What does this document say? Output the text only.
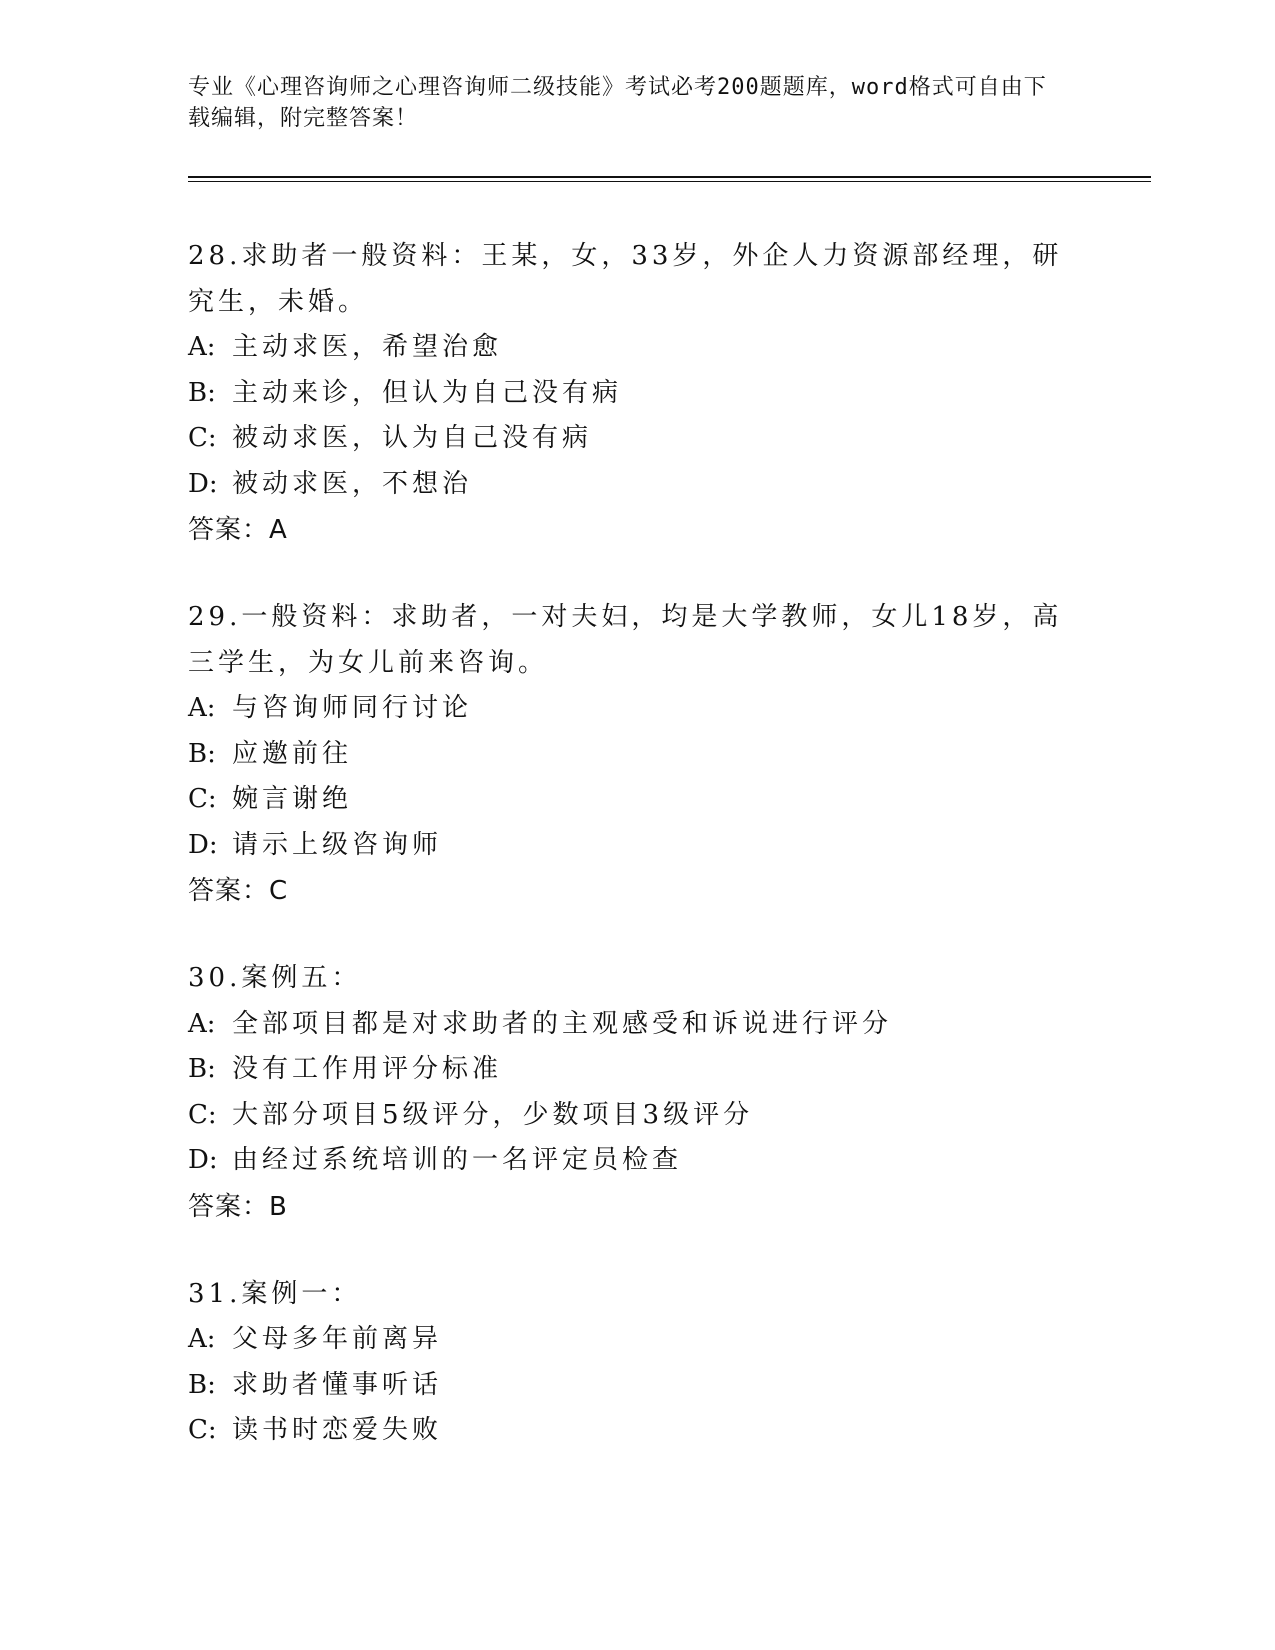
专业《心理咨询师之心理咨询师二级技能》考试必考200题题库，word格式可自由下载编辑，附完整答案！
28.求助者一般资料：王某，女，33岁，外企人力资源部经理，研究生，未婚。
A: 主动求医，希望治愈
B: 主动来诊，但认为自己没有病
C: 被动求医，认为自己没有病
D: 被动求医，不想治
答案：A
29.一般资料：求助者，一对夫妇，均是大学教师，女儿18岁，高三学生，为女儿前来咨询。
A: 与咨询师同行讨论
B: 应邀前往
C: 婉言谢绝
D: 请示上级咨询师
答案：C
30.案例五：
A: 全部项目都是对求助者的主观感受和诉说进行评分
B: 没有工作用评分标准
C: 大部分项目5级评分，少数项目3级评分
D: 由经过系统培训的一名评定员检查
答案：B
31.案例一：
A: 父母多年前离异
B: 求助者懂事听话
C: 读书时恋爱失败
